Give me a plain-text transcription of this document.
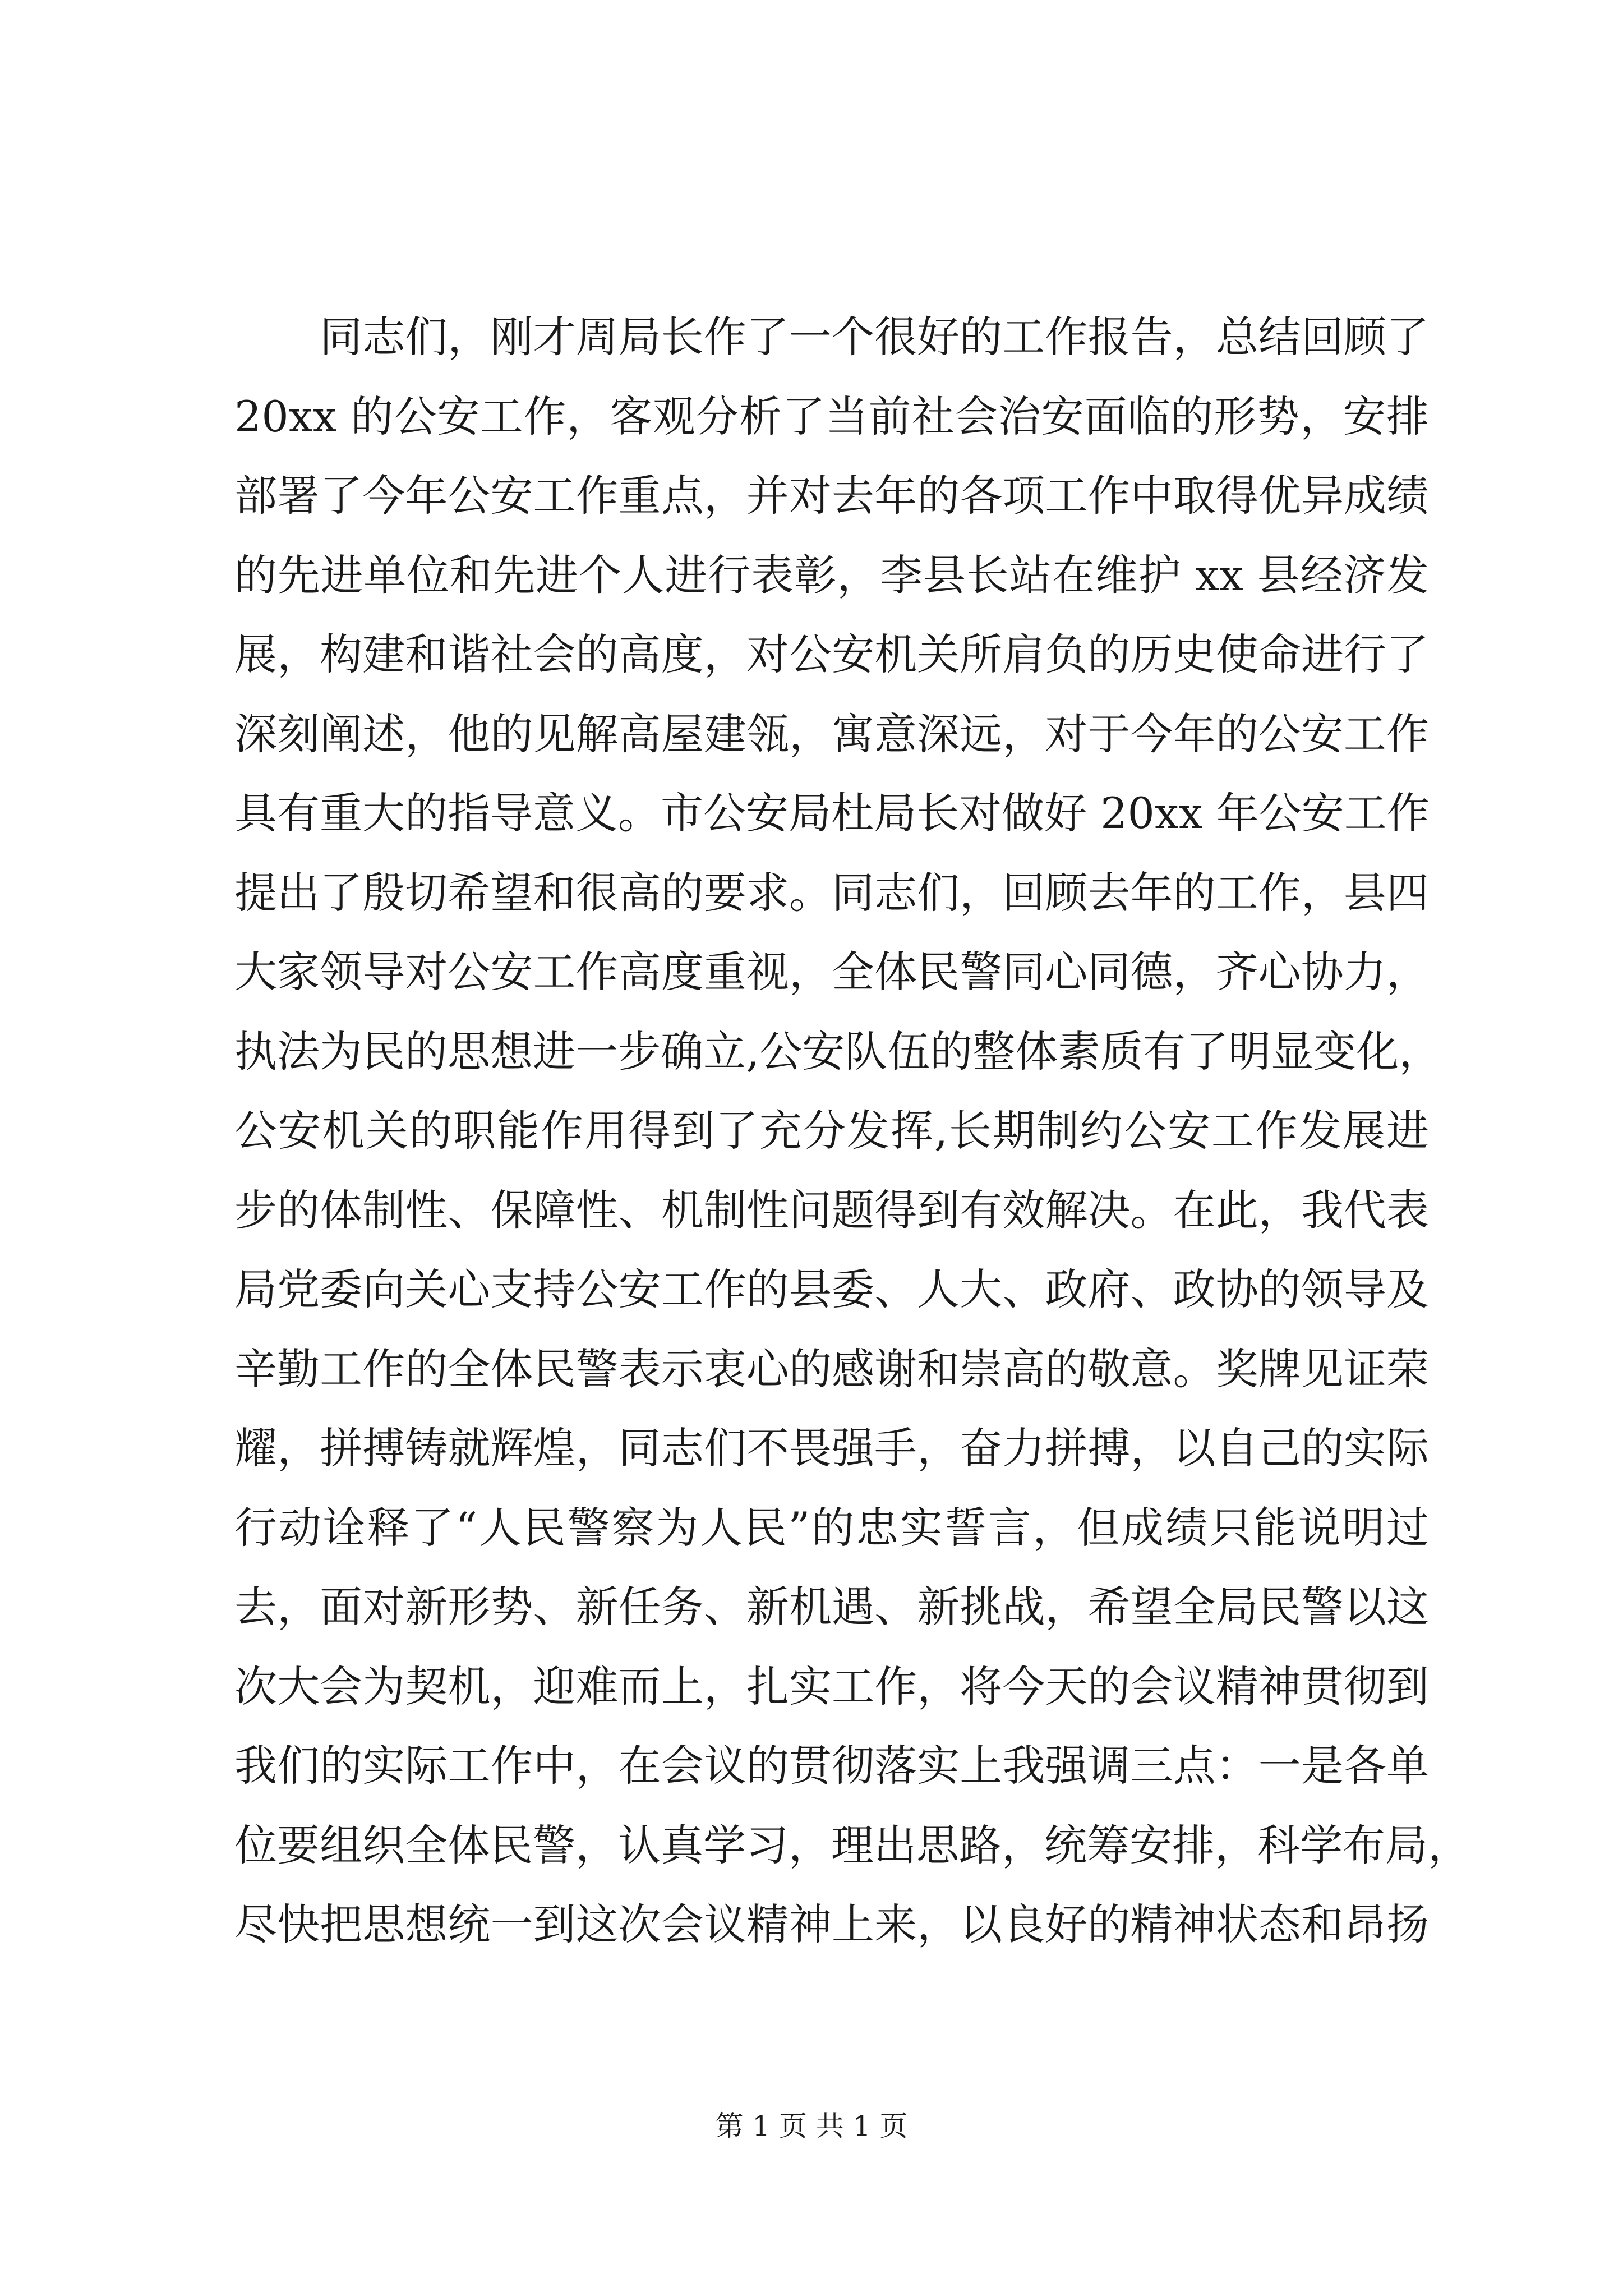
　　同志们，刚才周局长作了一个很好的工作报告，总结回顾了
20xx 的公安工作，客观分析了当前社会治安面临的形势，安排
部署了今年公安工作重点，并对去年的各项工作中取得优异成绩
的先进单位和先进个人进行表彰，李县长站在维护 xx 县经济发
展，构建和谐社会的高度，对公安机关所肩负的历史使命进行了
深刻阐述，他的见解高屋建瓴，寓意深远，对于今年的公安工作
具有重大的指导意义。市公安局杜局长对做好 20xx 年公安工作
提出了殷切希望和很高的要求。同志们，回顾去年的工作，县四
大家领导对公安工作高度重视，全体民警同心同德，齐心协力，
执法为民的思想进一步确立,公安队伍的整体素质有了明显变化，
公安机关的职能作用得到了充分发挥,长期制约公安工作发展进
步的体制性、保障性、机制性问题得到有效解决。在此，我代表
局党委向关心支持公安工作的县委、人大、政府、政协的领导及
辛勤工作的全体民警表示衷心的感谢和崇高的敬意。奖牌见证荣
耀，拼搏铸就辉煌，同志们不畏强手，奋力拼搏，以自己的实际
行动诠释了“人民警察为人民”的忠实誓言，但成绩只能说明过
去，面对新形势、新任务、新机遇、新挑战，希望全局民警以这
次大会为契机，迎难而上，扎实工作，将今天的会议精神贯彻到
我们的实际工作中，在会议的贯彻落实上我强调三点：一是各单
位要组织全体民警，认真学习，理出思路，统筹安排，科学布局，
尽快把思想统一到这次会议精神上来，以良好的精神状态和昂扬
第 1 页 共 1 页
